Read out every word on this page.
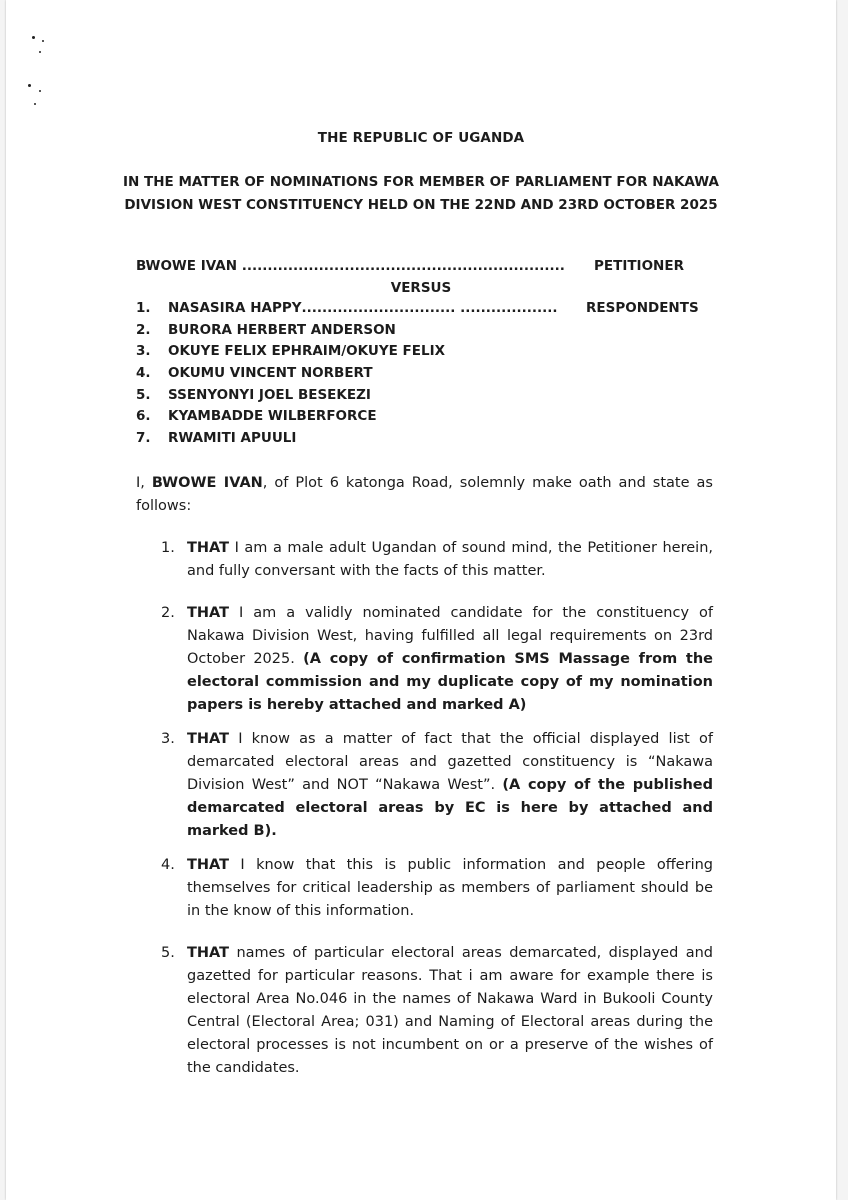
THE REPUBLIC OF UGANDA
IN THE MATTER OF NOMINATIONS FOR MEMBER OF PARLIAMENT FOR NAKAWA DIVISION WEST CONSTITUENCY HELD ON THE 22ND AND 23RD OCTOBER 2025
BWOWE IVAN ............................................................... PETITIONER
VERSUS
1.	NASASIRA HAPPY .............................. ...................
2.	BURORA HERBERT ANDERSON
3.	OKUYE FELIX EPHRAIM/OKUYE FELIX
4.	OKUMU VINCENT NORBERT
5.	SSENYONYI JOEL BESEKEZI
6.	KYAMBADDE WILBERFORCE
7.	RWAMITI APUULI
RESPONDENTS
I, BWOWE IVAN, of Plot 6 katonga Road, solemnly make oath and state as follows:
1. THAT I am a male adult Ugandan of sound mind, the Petitioner herein, and fully conversant with the facts of this matter.
2. THAT I am a validly nominated candidate for the constituency of Nakawa Division West, having fulfilled all legal requirements on 23rd October 2025. (A copy of confirmation SMS Massage from the electoral commission and my duplicate copy of my nomination papers is hereby attached and marked A)
3. THAT I know as a matter of fact that the official displayed list of demarcated electoral areas and gazetted constituency is “Nakawa Division West” and NOT “Nakawa West”. (A copy of the published demarcated electoral areas by EC is here by attached and marked B).
4. THAT I know that this is public information and people offering themselves for critical leadership as members of parliament should be in the know of this information.
5. THAT names of particular electoral areas demarcated, displayed and gazetted for particular reasons. That i am aware for example there is electoral Area No.046 in the names of Nakawa Ward in Bukooli County Central (Electoral Area; 031) and Naming of Electoral areas during the electoral processes is not incumbent on or a preserve of the wishes of the candidates.
